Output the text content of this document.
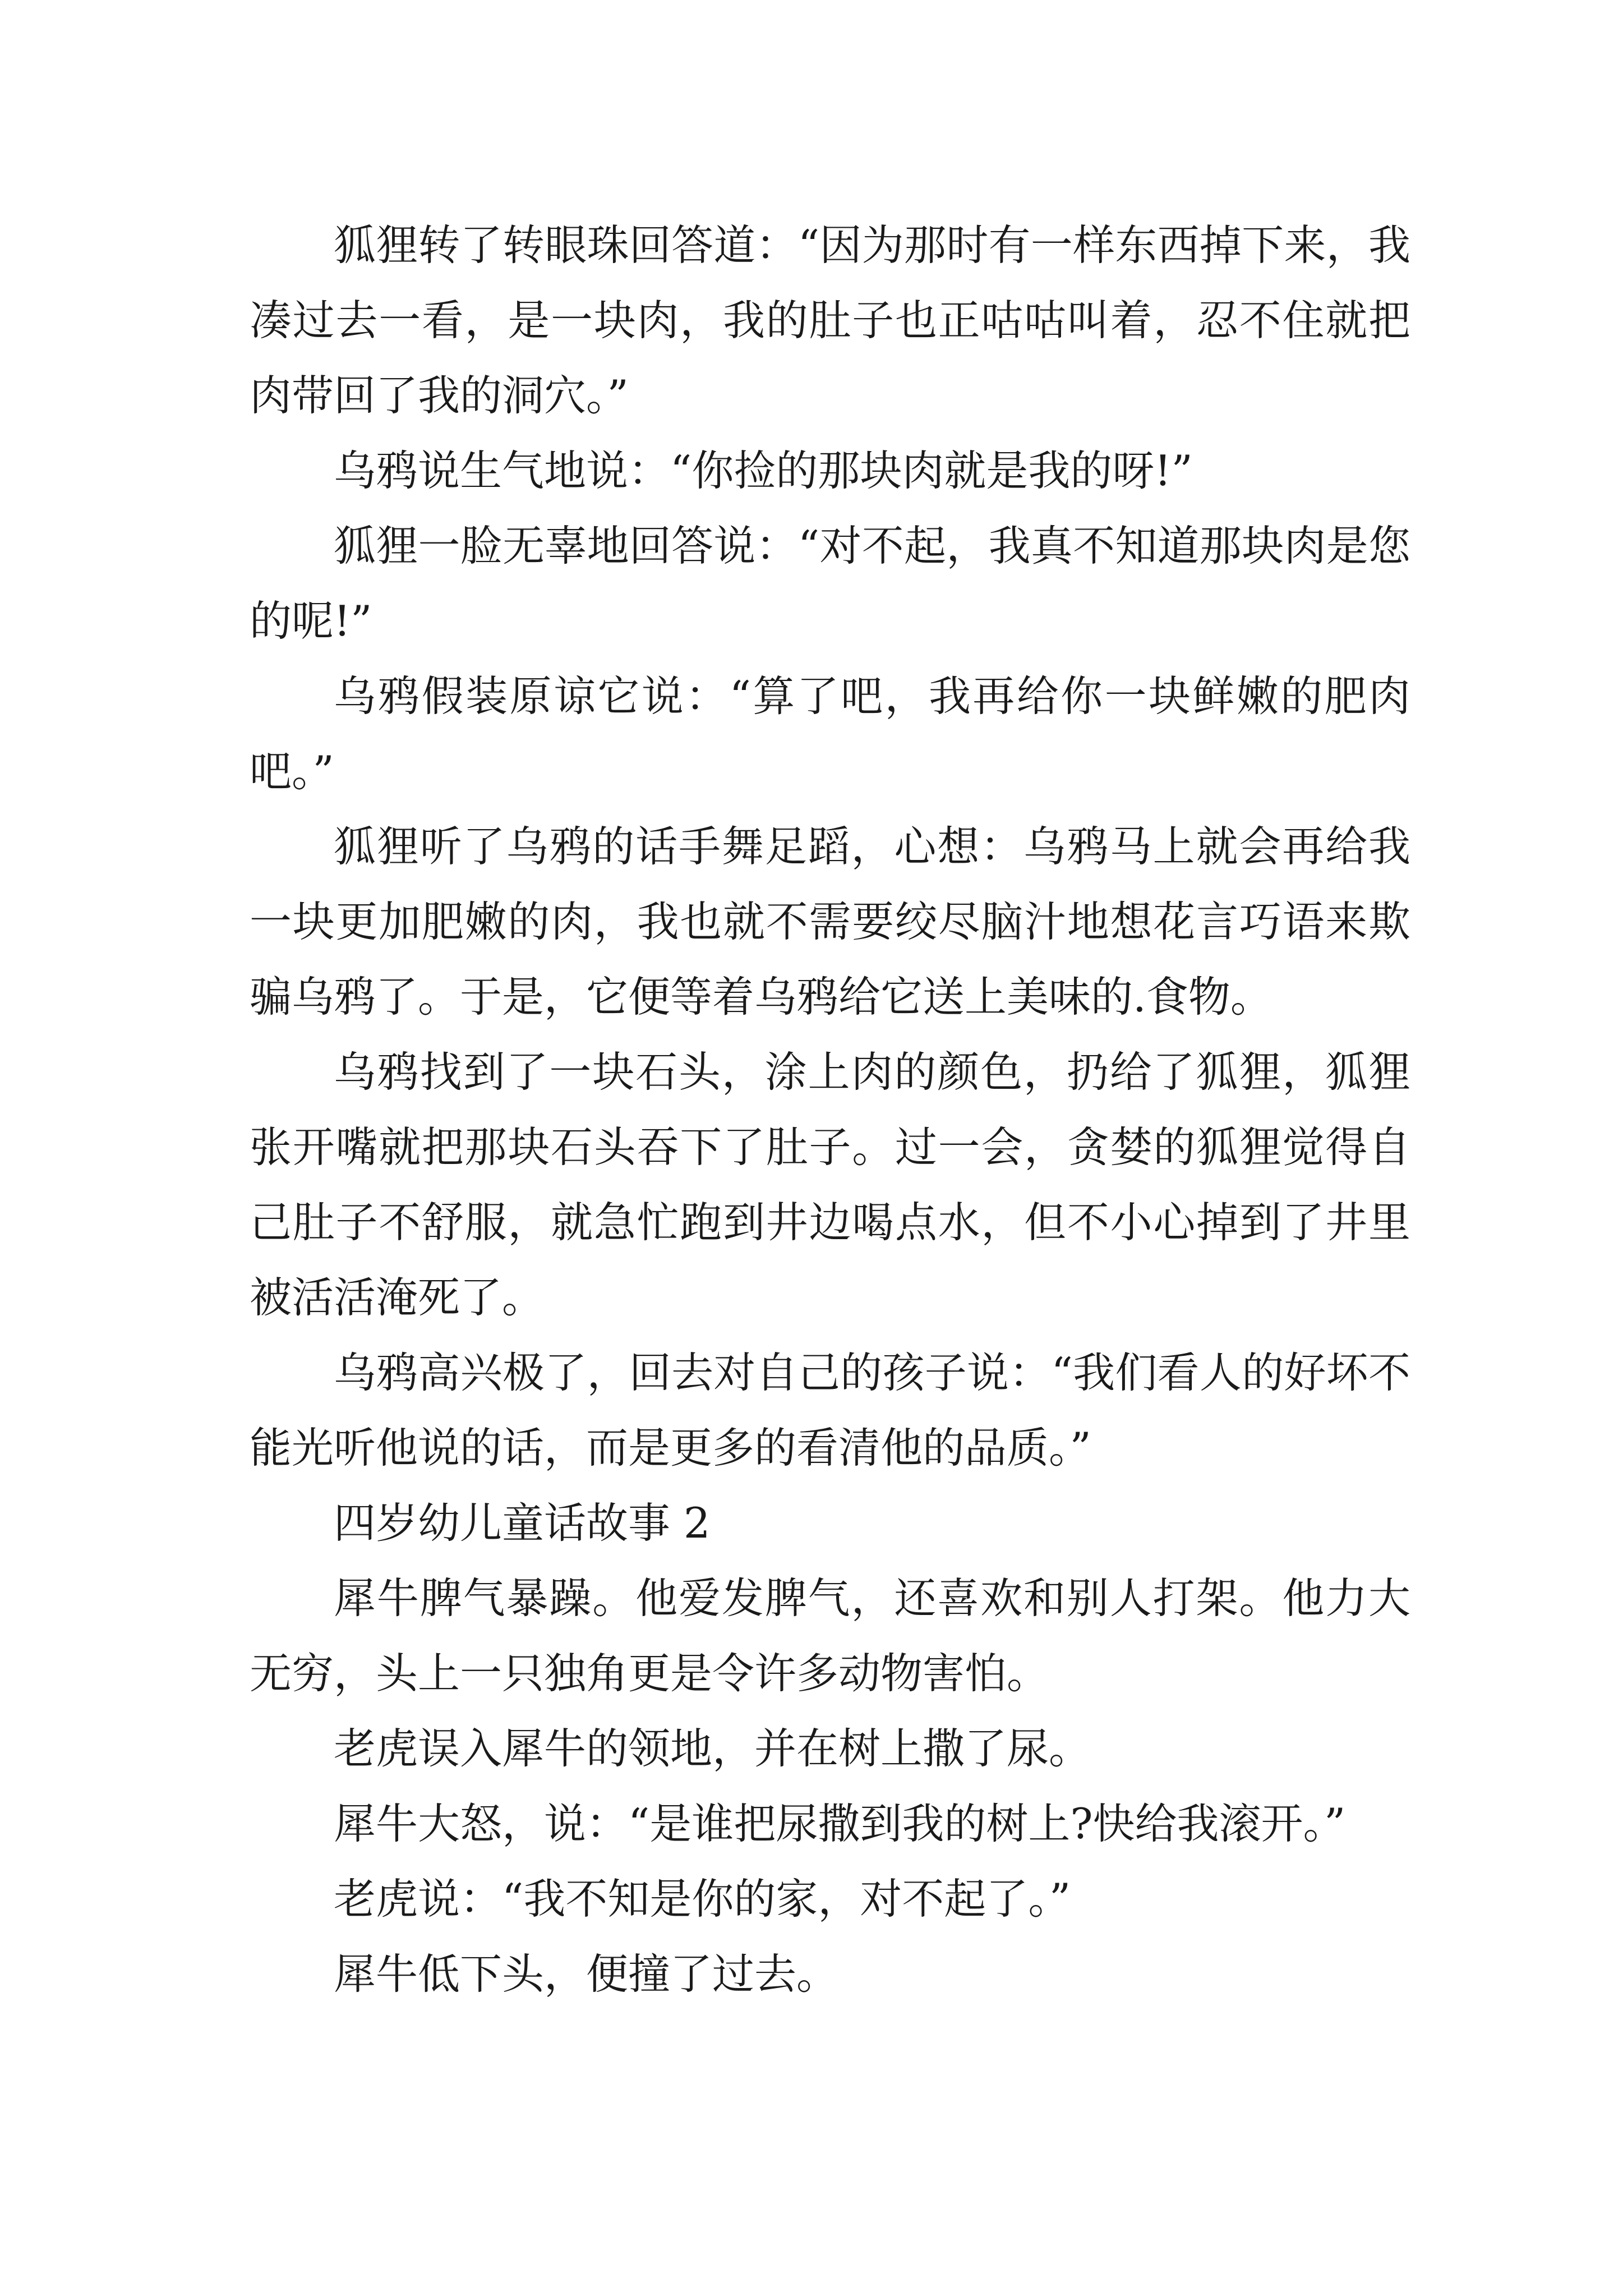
狐狸转了转眼珠回答道：“因为那时有一样东西掉下来，我凑过去一看，是一块肉，我的肚子也正咕咕叫着，忍不住就把肉带回了我的洞穴。”

乌鸦说生气地说：“你捡的那块肉就是我的呀!”

狐狸一脸无辜地回答说：“对不起，我真不知道那块肉是您的呢!”

乌鸦假装原谅它说：“算了吧，我再给你一块鲜嫩的肥肉吧。”

狐狸听了乌鸦的话手舞足蹈，心想：乌鸦马上就会再给我一块更加肥嫩的肉，我也就不需要绞尽脑汁地想花言巧语来欺骗乌鸦了。于是，它便等着乌鸦给它送上美味的.食物。

乌鸦找到了一块石头，涂上肉的颜色，扔给了狐狸，狐狸张开嘴就把那块石头吞下了肚子。过一会，贪婪的狐狸觉得自己肚子不舒服，就急忙跑到井边喝点水，但不小心掉到了井里被活活淹死了。

乌鸦高兴极了，回去对自己的孩子说：“我们看人的好坏不能光听他说的话，而是更多的看清他的品质。”

四岁幼儿童话故事 2

犀牛脾气暴躁。他爱发脾气，还喜欢和别人打架。他力大无穷，头上一只独角更是令许多动物害怕。

老虎误入犀牛的领地，并在树上撒了尿。

犀牛大怒，说：“是谁把尿撒到我的树上?快给我滚开。”

老虎说：“我不知是你的家，对不起了。”

犀牛低下头，便撞了过去。
